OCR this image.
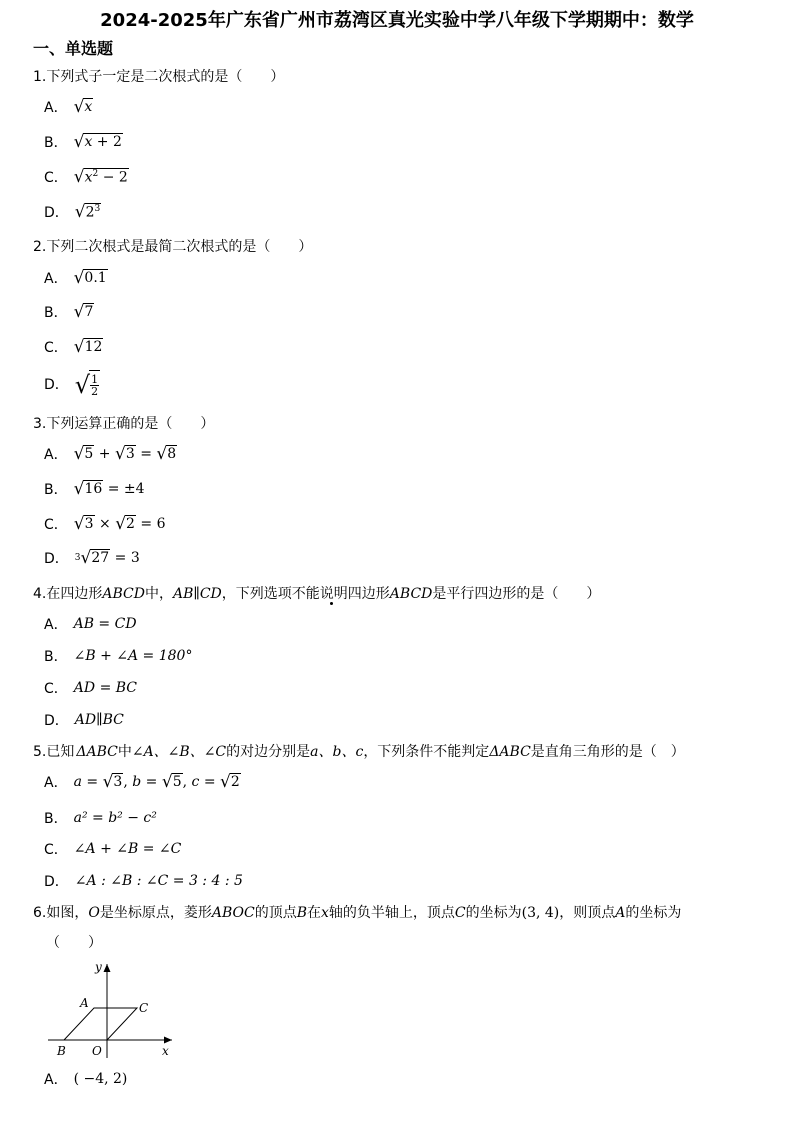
2024-2025年广东省广州市荔湾区真光实验中学八年级下学期期中：数学
一、单选题
1.下列式子一定是二次根式的是（　　）
A． √ x
B． √ x + 2
C． √ $x^2 - 2$
D． √ $2^3$
2.下列二次根式是最简二次根式的是（　　）
A． √ 0.1
B． √ 7
C． √ 12
D． √ $\frac{1}{2}$
3.下列运算正确的是（　　）
A． √ 5 + √ 3 = √ 8
B． √ 16 = ±4
C． √ 3 × √ 2 = 6
D． 3 √ 27 = 3
4.在四边形ABCD中，AB∥CD，下列选项不能说明四边形ABCD是平行四边形的是（　　）
A． AB = CD
B． ∠B + ∠A = 180°
C． AD = BC
D． AD∥BC
5.已知 ΔABC中∠A、∠B、∠C的对边分别是a、b、c，下列条件不能判定ΔABC是直角三角形的是（　）
A． a = √ 3 , b = √ 5 , c = √ 2
B． a² = b² − c²
C． ∠A + ∠B = ∠C
D． ∠A : ∠B : ∠C = 3 : 4 : 5
6.如图，O是坐标原点，菱形ABOC的顶点B在x轴的负半轴上，顶点C的坐标为(3, 4)，则顶点A的坐标为
（　　）
y
x
A
B
C
O
A． ( −4, 2)
